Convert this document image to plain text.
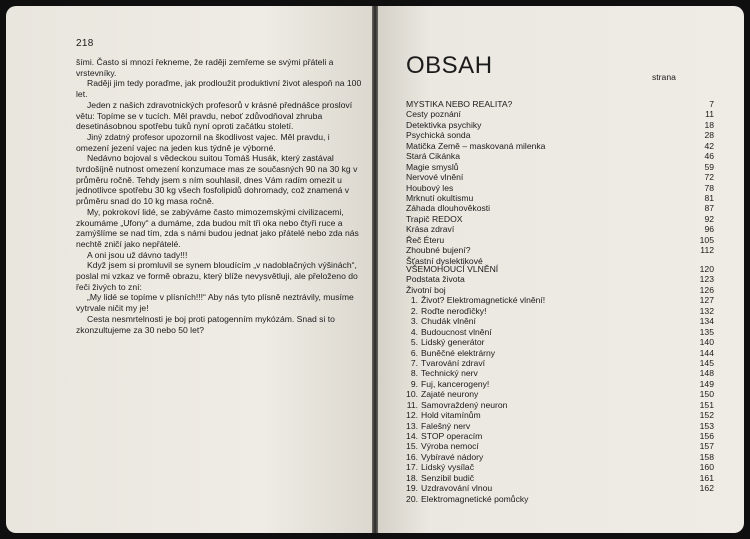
218

šími. Často si mnozí řekneme, že raději zemřeme se svými přáteli a vrstevníky.

Raději jim tedy poraďme, jak prodloužit produktivní život alespoň na 100 let.

Jeden z našich zdravotnických profesorů v krásné přednášce prosloví větu: Topíme se v tucích. Měl pravdu, neboť zdůvodňoval zhruba desetinásobnou spotřebu tuků nyní oproti začátku století.

Jiný zdatný profesor upozornil na škodlivost vajec. Měl pravdu, i omezení jezení vajec na jeden kus týdně je výborné.

Nedávno bojoval s vědeckou suitou Tomáš Husák, který zastával tvrdošíjně nutnost omezení konzumace mas ze současných 90 na 30 kg v průměru ročně. Tehdy jsem s ním souhlasil, dnes Vám radím omezit u jednotlivce spotřebu 30 kg všech fosfolipidů dohromady, což znamená v průměru snad do 10 kg masa ročně.

My, pokrokoví lidé, se zabýváme často mimozemskými civilizacemi, zkoumáme „Ufony“ a dumáme, zda budou mít tři oka nebo čtyři ruce a zamýšlíme se nad tím, zda s námi budou jednat jako přátelé nebo zda nás nechtě zničí jako nepřátelé.

A oni jsou už dávno tady!!!

Když jsem si promluvil se synem bloudícím „v nadoblačných výšinách“, poslal mi vzkaz ve formě obrazu, který blíže nevysvětluji, ale přeloženo do řeči živých to zní:

„My lidé se topíme v plísních!!!“ Aby nás tyto plísně neztrávily, musíme vytrvale ničit my je!

Cesta nesmrtelnosti je boj proti patogenním mykózám. Snad si to zkonzultujeme za 30 nebo 50 let?

OBSAH	strana
MYSTIKA NEBO REALITA?	7
Cesty poznání	11
Detektivka psychiky	18
Psychická sonda	28
Matička Země – maskovaná milenka	42
Stará Cikánka	46
Magie smyslů	59
Nervové vlnění	72
Houbový les	78
Mrknutí okultismu	81
Záhada dlouhověkosti	87
Trapič REDOX	92
Krása zdraví	96
Řeč Éteru	105
Zhoubné bujení?	112
Šťastní dyslektikové
VŠEMOHOUCÍ VLNĚNÍ	120
Podstata života	123
Životní boj	126
1. Život? Elektromagnetické vlnění!	127
2. Roďte neroďičky!	132
3. Chudák vlnění	134
4. Budoucnost vlnění	135
5. Lidský generátor	140
6. Buněčné elektrárny	144
7. Tvarování zdraví	145
8. Technický nerv	148
9. Fuj, kancerogeny!	149
10. Zajaté neurony	150
11. Samovraždený neuron	151
12. Hold vitamínům	152
13. Falešný nerv	153
14. STOP operacím	156
15. Výroba nemocí	157
16. Vybíravé nádory	158
17. Lidský vysílač	160
18. Senzibil budič	161
19. Uzdravování vlnou	162
20. Elektromagnetické pomůcky
